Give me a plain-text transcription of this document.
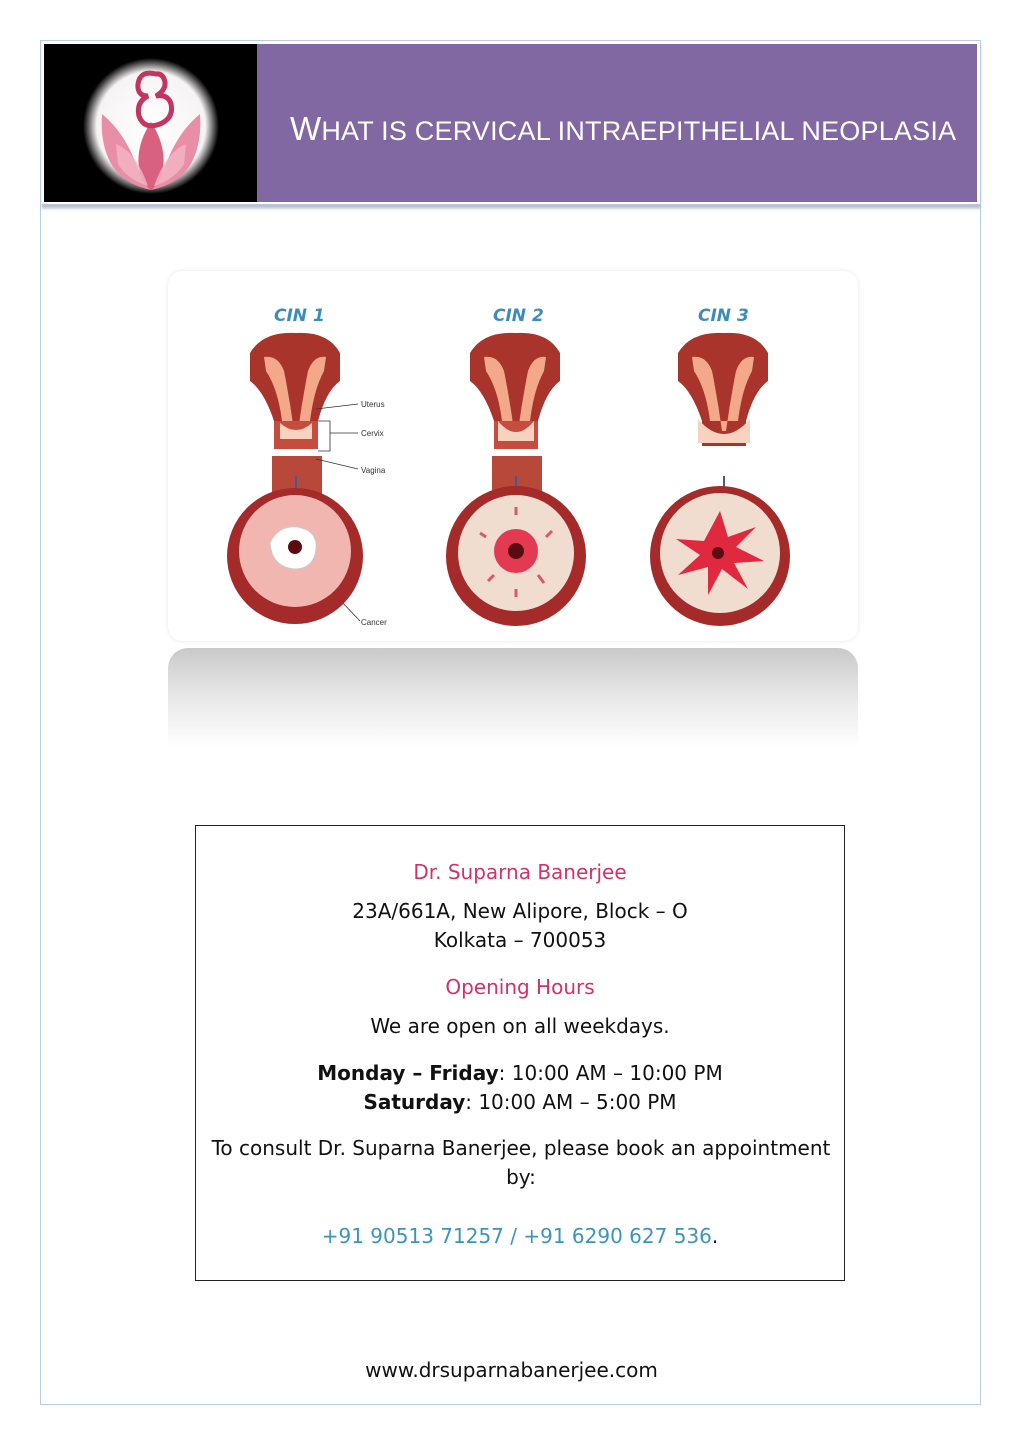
WHAT IS CERVICAL INTRAEPITHELIAL NEOPLASIA
CIN 1
Uterus
Cervix
Vagina
Cancer
CIN 2	CIN 3
Dr. Suparna Banerjee
23A/661A, New Alipore, Block – O
Kolkata – 700053
Opening Hours
We are open on all weekdays.
Monday – Friday: 10:00 AM – 10:00 PM
Saturday: 10:00 AM – 5:00 PM
To consult Dr. Suparna Banerjee, please book an appointment by:
+91 90513 71257 / +91 6290 627 536.
www.drsuparnabanerjee.com
